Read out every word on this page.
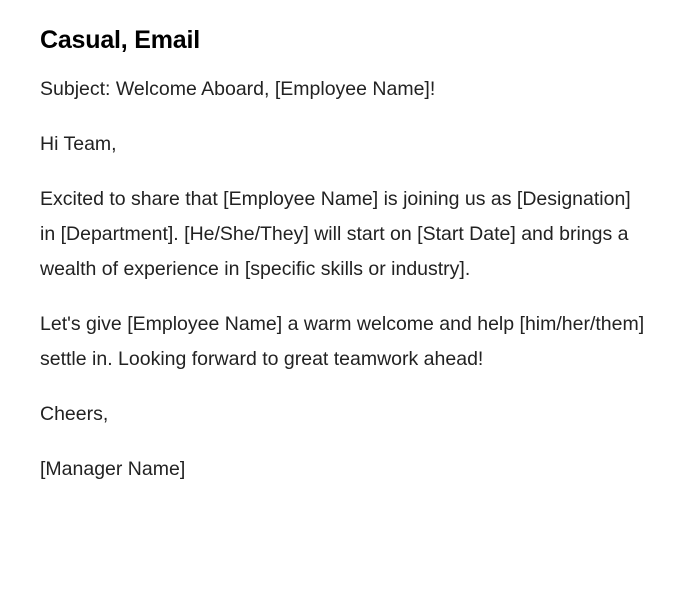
Casual, Email

Subject: Welcome Aboard, [Employee Name]!

Hi Team,

Excited to share that [Employee Name] is joining us as [Designation] in [Department]. [He/She/They] will start on [Start Date] and brings a wealth of experience in [specific skills or industry].

Let's give [Employee Name] a warm welcome and help [him/her/them] settle in. Looking forward to great teamwork ahead!

Cheers,

[Manager Name]
